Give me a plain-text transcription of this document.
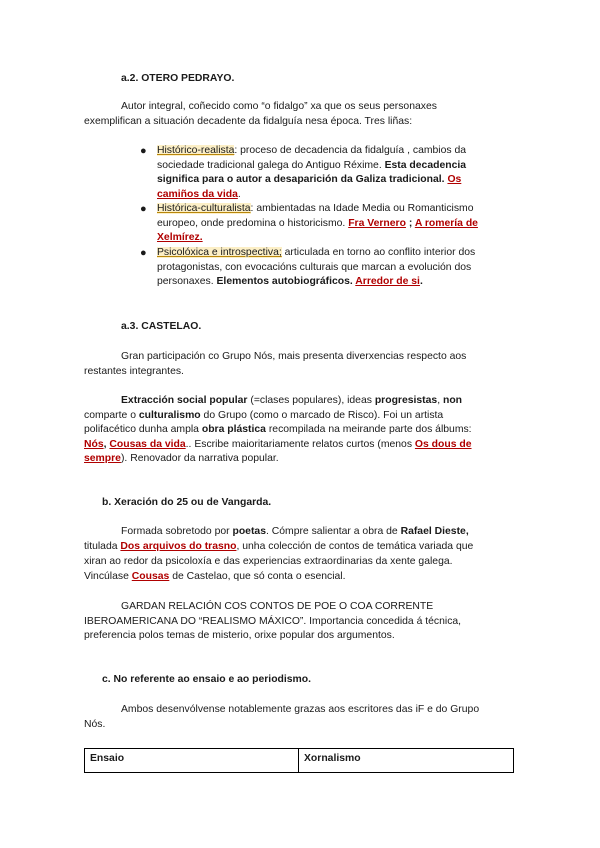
a.2. OTERO PEDRAYO.
Autor integral, coñecido como “o fidalgo” xa que os seus personaxes
exemplifican a situación decadente da fidalguía nesa época. Tres liñas:
● Histórico-realista: proceso de decadencia da fidalguía , cambios da
sociedade tradicional galega do Antiguo Réxime. Esta decadencia
significa para o autor a desaparición da Galiza tradicional. Os
camiños da vida.
● Histórica-culturalista: ambientadas na Idade Media ou Romanticismo
europeo, onde predomina o historicismo. Fra Vernero ; A romería de
Xelmírez.
● Psicolóxica e introspectiva; articulada en torno ao conflito interior dos
protagonistas, con evocacións culturais que marcan a evolución dos
personaxes. Elementos autobiográficos. Arredor de si.
a.3. CASTELAO.
Gran participación co Grupo Nós, mais presenta diverxencias respecto aos
restantes integrantes.
Extracción social popular (=clases populares), ideas progresistas, non
comparte o culturalismo do Grupo (como o marcado de Risco). Foi un artista
polifacético dunha ampla obra plástica recompilada na meirande parte dos álbums:
Nós, Cousas da vida.. Escribe maioritariamente relatos curtos (menos Os dous de
sempre). Renovador da narrativa popular.
b. Xeración do 25 ou de Vangarda.
Formada sobretodo por poetas. Cómpre salientar a obra de Rafael Dieste,
titulada Dos arquivos do trasno, unha colección de contos de temática variada que
xiran ao redor da psicoloxía e das experiencias extraordinarias da xente galega.
Vincúlase Cousas de Castelao, que só conta o esencial.
GARDAN RELACIÓN COS CONTOS DE POE O COA CORRENTE
IBEROAMERICANA DO “REALISMO MÁXICO”. Importancia concedida á técnica,
preferencia polos temas de misterio, orixe popular dos argumentos.
c. No referente ao ensaio e ao periodismo.
Ambos desenvólvense notablemente grazas aos escritores das iF e do Grupo
Nós.
Ensaio	Xornalismo
